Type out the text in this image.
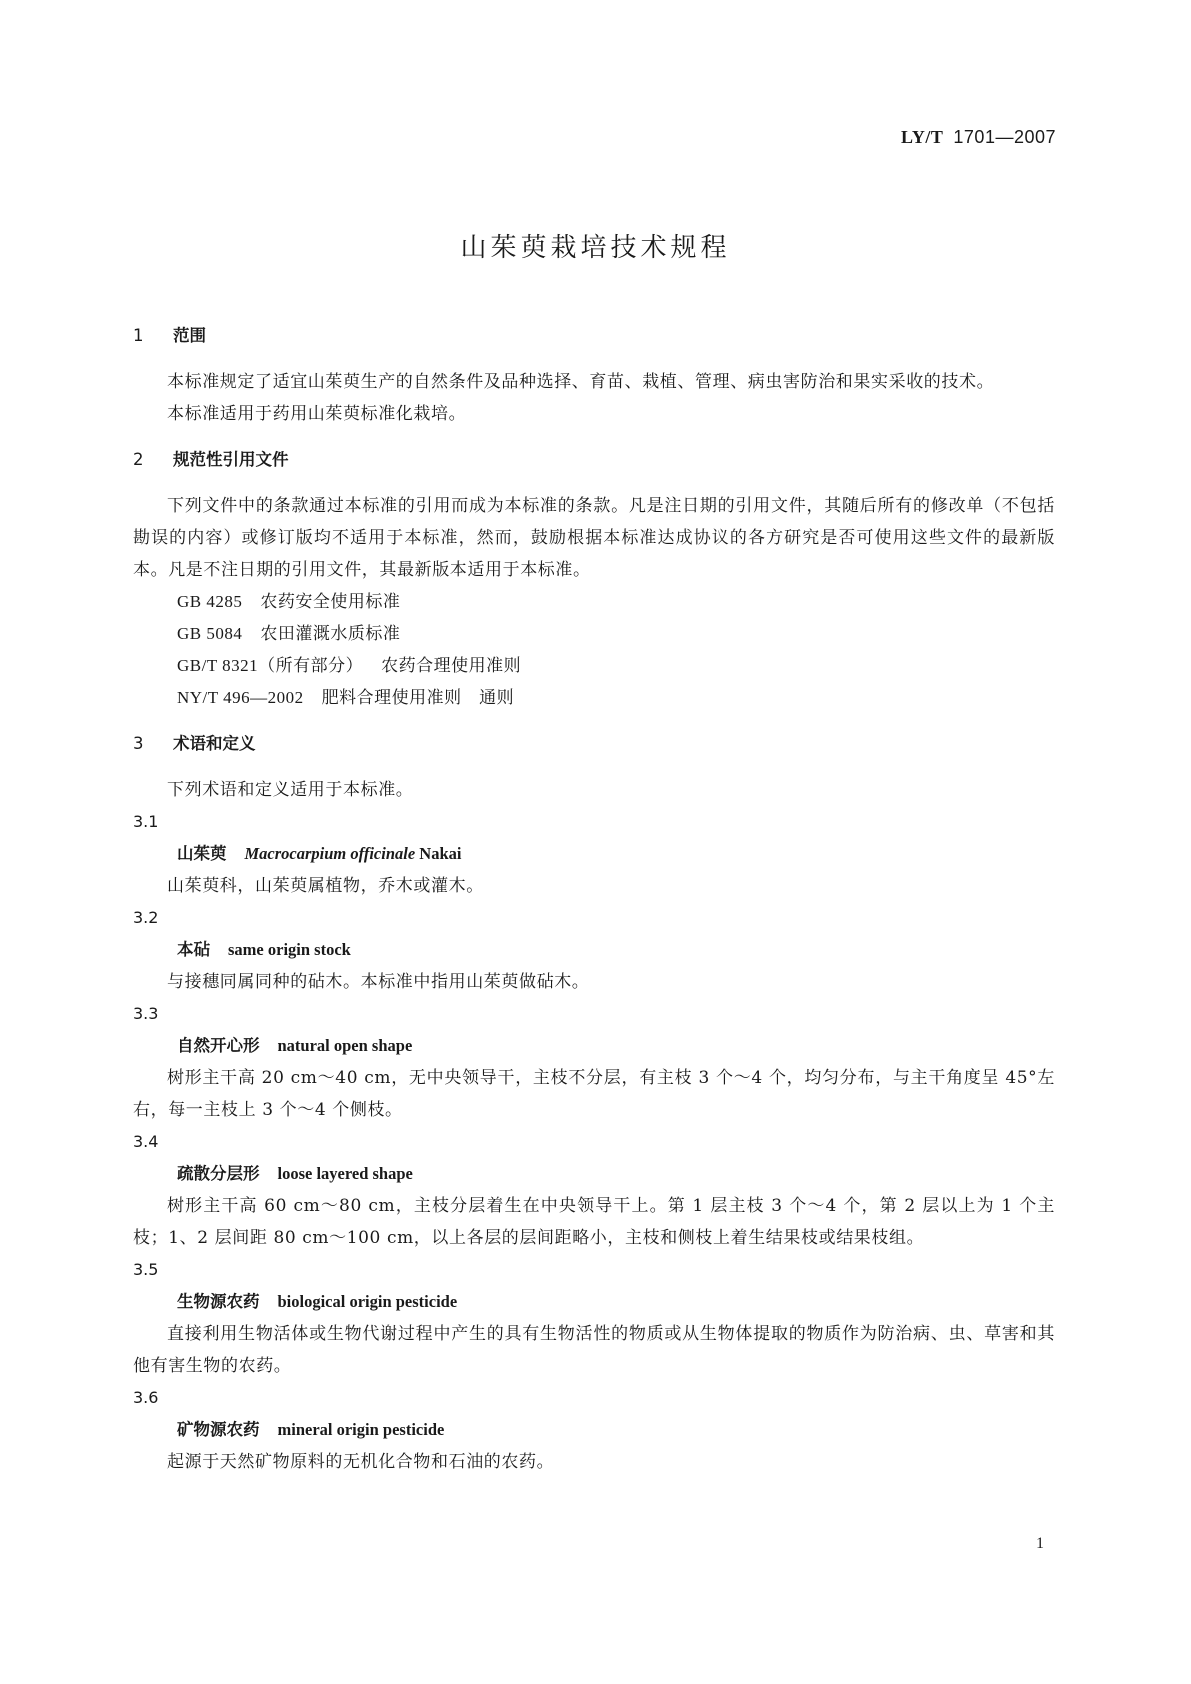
LY/T 1701—2007
山茱萸栽培技术规程
1 范围
本标准规定了适宜山茱萸生产的自然条件及品种选择、育苗、栽植、管理、病虫害防治和果实采收的技术。
本标准适用于药用山茱萸标准化栽培。
2 规范性引用文件
下列文件中的条款通过本标准的引用而成为本标准的条款。凡是注日期的引用文件，其随后所有的修改单（不包括勘误的内容）或修订版均不适用于本标准，然而，鼓励根据本标准达成协议的各方研究是否可使用这些文件的最新版本。凡是不注日期的引用文件，其最新版本适用于本标准。
GB 4285 农药安全使用标准
GB 5084 农田灌溉水质标准
GB/T 8321（所有部分） 农药合理使用准则
NY/T 496—2002 肥料合理使用准则　通则
3 术语和定义
下列术语和定义适用于本标准。
3.1
山茱萸 Macrocarpium officinale Nakai
山茱萸科，山茱萸属植物，乔木或灌木。
3.2
本砧 same origin stock
与接穗同属同种的砧木。本标准中指用山茱萸做砧木。
3.3
自然开心形 natural open shape
树形主干高 20 cm～40 cm，无中央领导干，主枝不分层，有主枝 3 个～4 个，均匀分布，与主干角度呈 45°左右，每一主枝上 3 个～4 个侧枝。
3.4
疏散分层形 loose layered shape
树形主干高 60 cm～80 cm，主枝分层着生在中央领导干上。第 1 层主枝 3 个～4 个，第 2 层以上为 1 个主枝；1、2 层间距 80 cm～100 cm，以上各层的层间距略小，主枝和侧枝上着生结果枝或结果枝组。
3.5
生物源农药 biological origin pesticide
直接利用生物活体或生物代谢过程中产生的具有生物活性的物质或从生物体提取的物质作为防治病、虫、草害和其他有害生物的农药。
3.6
矿物源农药 mineral origin pesticide
起源于天然矿物原料的无机化合物和石油的农药。
1
